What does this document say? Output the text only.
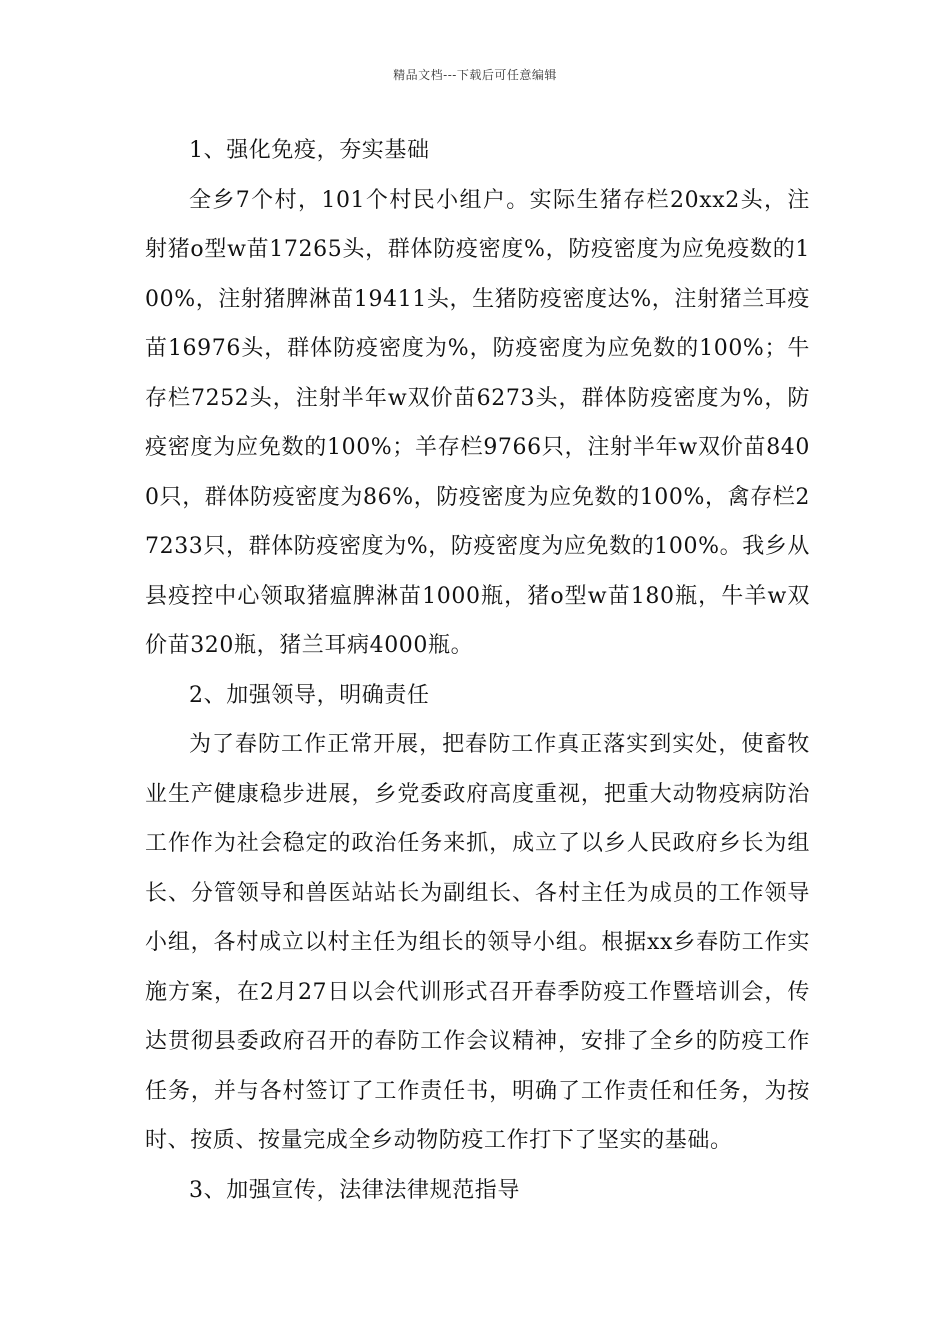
精品文档---下载后可任意编辑

1、强化免疫，夯实基础

全乡7个村，101个村民小组户。实际生猪存栏20xx2头，注射猪o型w苗17265头，群体防疫密度%，防疫密度为应免疫数的100%，注射猪脾淋苗19411头，生猪防疫密度达%，注射猪兰耳疫苗16976头，群体防疫密度为%，防疫密度为应免数的100%；牛存栏7252头，注射半年w双价苗6273头，群体防疫密度为%，防疫密度为应免数的100%；羊存栏9766只，注射半年w双价苗8400只，群体防疫密度为86%，防疫密度为应免数的100%，禽存栏27233只，群体防疫密度为%，防疫密度为应免数的100%。我乡从县疫控中心领取猪瘟脾淋苗1000瓶，猪o型w苗180瓶，牛羊w双价苗320瓶，猪兰耳病4000瓶。

2、加强领导，明确责任

为了春防工作正常开展，把春防工作真正落实到实处，使畜牧业生产健康稳步进展，乡党委政府高度重视，把重大动物疫病防治工作作为社会稳定的政治任务来抓，成立了以乡人民政府乡长为组长、分管领导和兽医站站长为副组长、各村主任为成员的工作领导小组，各村成立以村主任为组长的领导小组。根据xx乡春防工作实施方案，在2月27日以会代训形式召开春季防疫工作暨培训会，传达贯彻县委政府召开的春防工作会议精神，安排了全乡的防疫工作任务，并与各村签订了工作责任书，明确了工作责任和任务，为按时、按质、按量完成全乡动物防疫工作打下了坚实的基础。

3、加强宣传，法律法律规范指导
